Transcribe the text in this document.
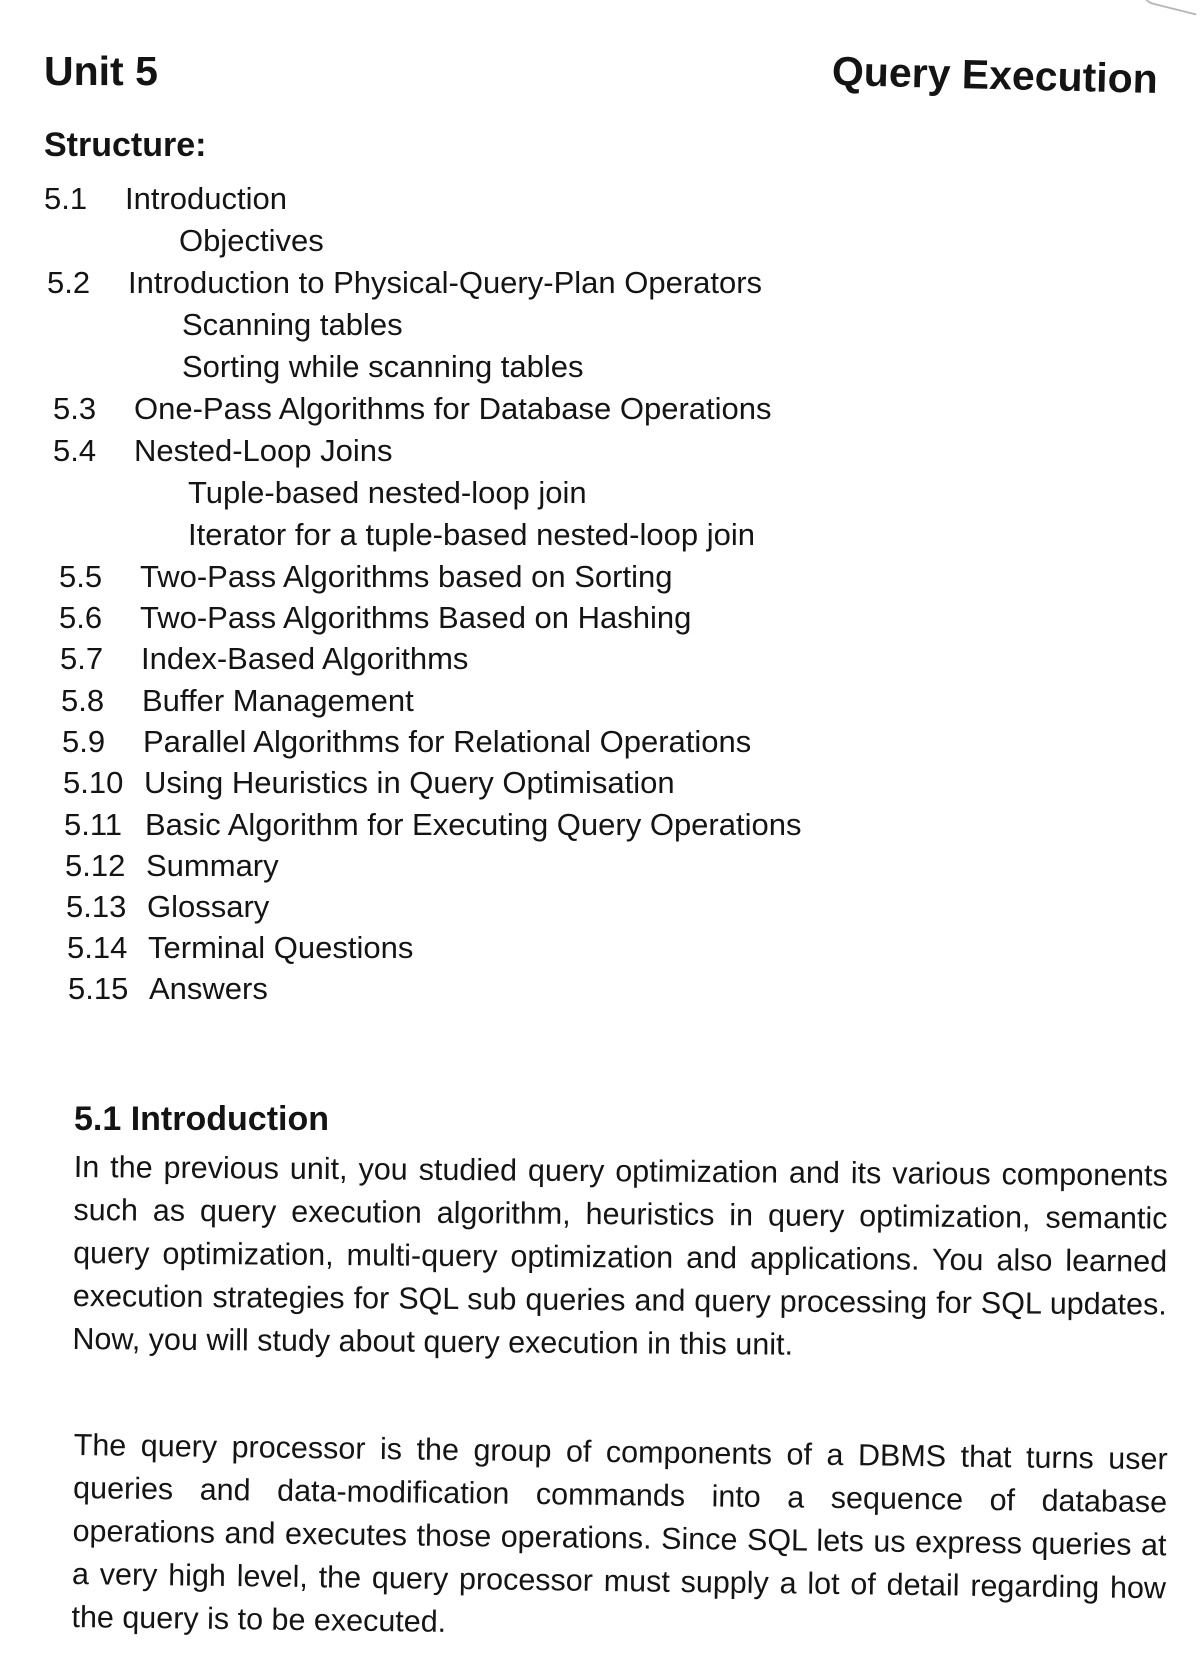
Unit 5	Query Execution
Structure:
5.1 Introduction
Objectives
5.2 Introduction to Physical-Query-Plan Operators
Scanning tables
Sorting while scanning tables
5.3 One-Pass Algorithms for Database Operations
5.4 Nested-Loop Joins
Tuple-based nested-loop join
Iterator for a tuple-based nested-loop join
5.5 Two-Pass Algorithms based on Sorting
5.6 Two-Pass Algorithms Based on Hashing
5.7 Index-Based Algorithms
5.8 Buffer Management
5.9 Parallel Algorithms for Relational Operations
5.10 Using Heuristics in Query Optimisation
5.11 Basic Algorithm for Executing Query Operations
5.12 Summary
5.13 Glossary
5.14 Terminal Questions
5.15 Answers
5.1 Introduction
In the previous unit, you studied query optimization and its various components such as query execution algorithm, heuristics in query optimization, semantic query optimization, multi-query optimization and applications. You also learned execution strategies for SQL sub queries and query processing for SQL updates. Now, you will study about query execution in this unit.
The query processor is the group of components of a DBMS that turns user queries and data-modification commands into a sequence of database operations and executes those operations. Since SQL lets us express queries at a very high level, the query processor must supply a lot of detail regarding how the query is to be executed.
